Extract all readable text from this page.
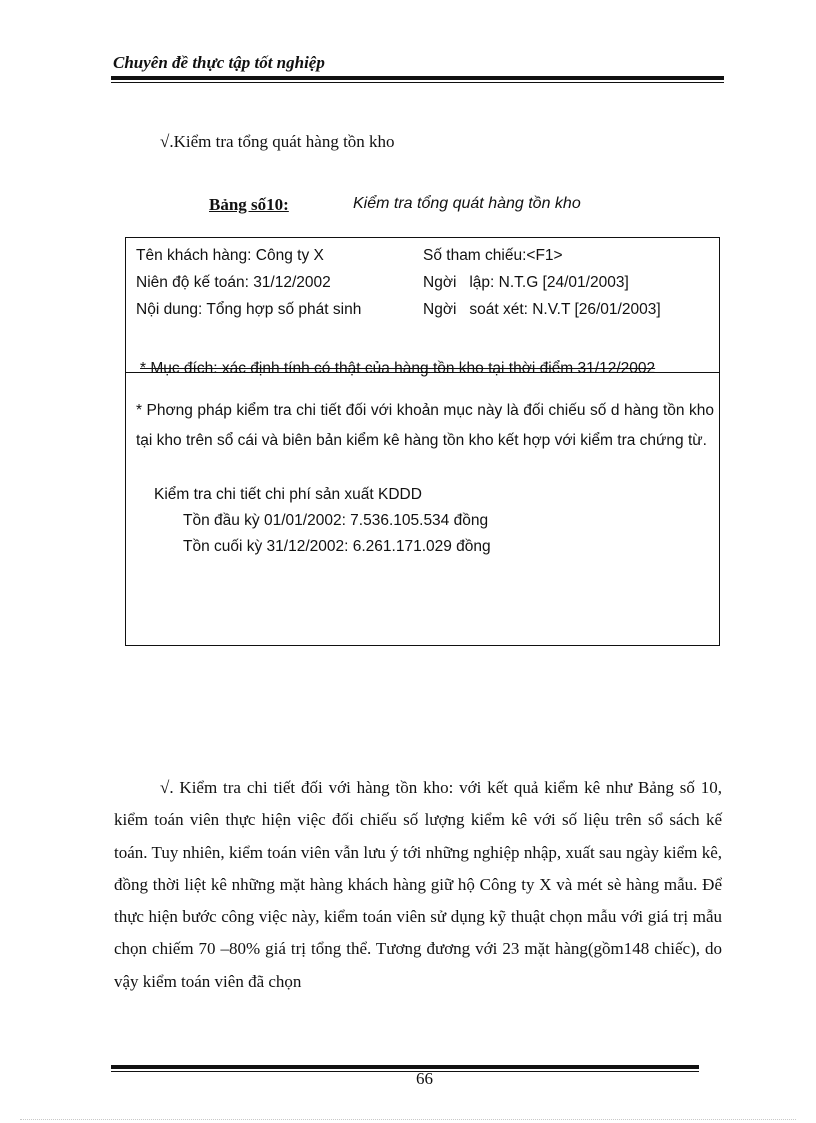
Chuyên đề thực tập tốt nghiệp
√.Kiểm tra tổng quát hàng tồn kho
Bảng số10:	Kiểm tra tổng quát hàng tồn kho
Tên khách hàng: Công ty X
Niên độ kế toán: 31/12/2002
Nội dung: Tổng hợp số phát sinh
Số tham chiếu:<F1>
Ngời   lập: N.T.G [24/01/2003]
Ngời   soát xét: N.V.T [26/01/2003]
* Mục đích: xác định tính có thật của hàng tồn kho tại thời điểm 31/12/2002
* Phơng pháp kiểm tra chi tiết đối với khoản mục này là đối chiếu số d hàng tồn kho tại kho trên sổ cái và biên bản kiểm kê hàng tồn kho kết hợp với kiểm tra chứng từ.
Kiểm tra chi tiết chi phí sản xuất KDDD
Tồn đầu kỳ 01/01/2002: 7.536.105.534 đồng
Tồn cuối kỳ 31/12/2002: 6.261.171.029 đồng
√. Kiểm tra chi tiết đối với hàng tồn kho: với kết quả kiểm kê như Bảng số 10, kiểm toán viên thực hiện việc đối chiếu số lượng kiểm kê với số liệu trên sổ sách kế toán. Tuy nhiên, kiểm toán viên vẫn lưu ý tới những nghiệp nhập, xuất sau ngày kiểm kê, đồng thời liệt kê những mặt hàng khách hàng giữ hộ Công ty X và mét sè hàng mẫu. Để thực hiện bước công việc này, kiểm toán viên sử dụng kỹ thuật chọn mẫu với giá trị mẫu chọn chiếm 70 –80% giá trị tổng thể. Tương đương với 23 mặt hàng(gồm148 chiếc), do vậy kiểm toán viên đã chọn
66
